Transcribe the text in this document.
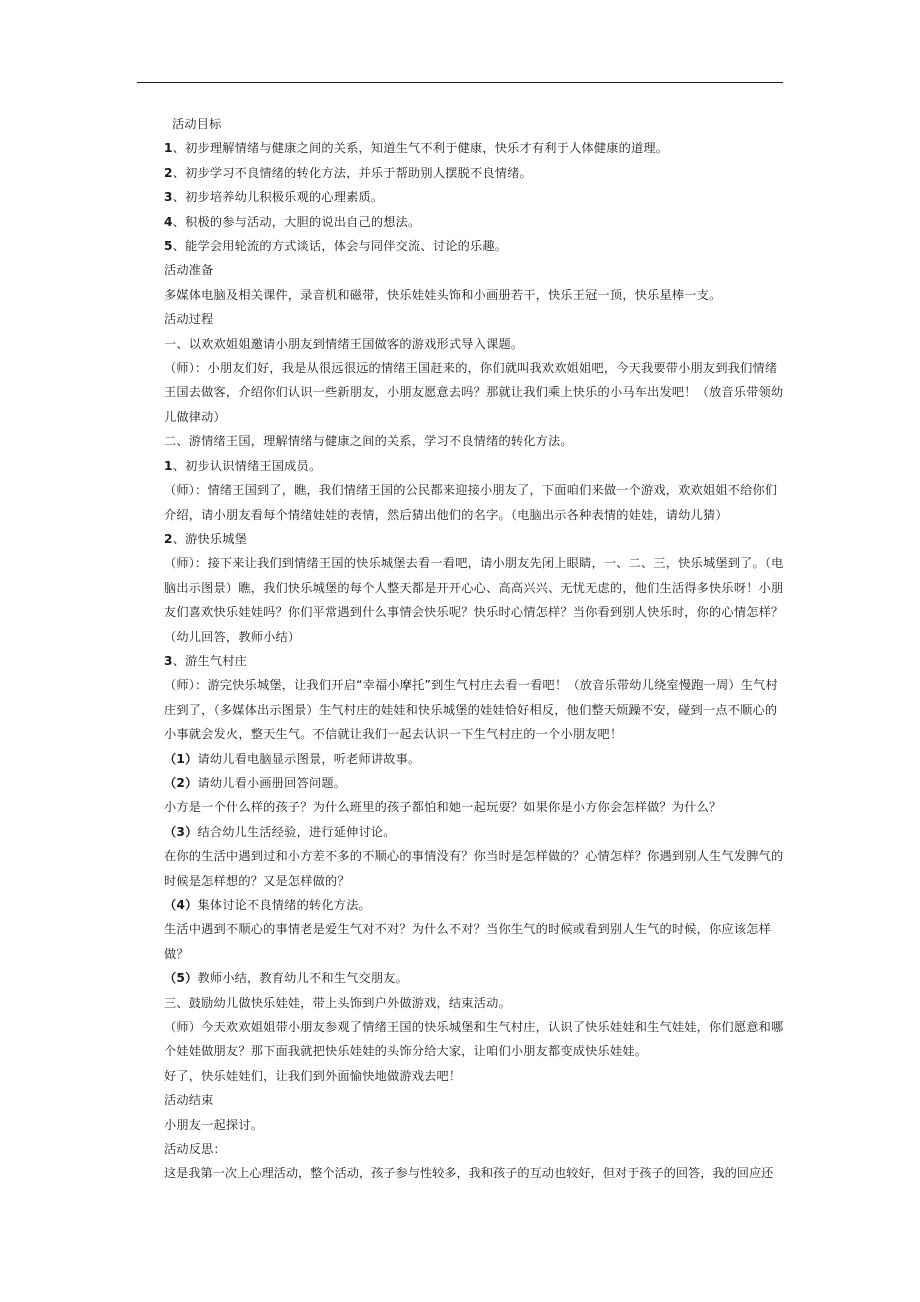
活动目标

1、初步理解情绪与健康之间的关系，知道生气不利于健康，快乐才有利于人体健康的道理。

2、初步学习不良情绪的转化方法，并乐于帮助别人摆脱不良情绪。

3、初步培养幼儿积极乐观的心理素质。

4、积极的参与活动，大胆的说出自己的想法。

5、能学会用轮流的方式谈话，体会与同伴交流、讨论的乐趣。

活动准备

多媒体电脑及相关课件，录音机和磁带，快乐娃娃头饰和小画册若干，快乐王冠一顶，快乐星棒一支。

活动过程

一、以欢欢姐姐邀请小朋友到情绪王国做客的游戏形式导入课题。

（师）：小朋友们好，我是从很远很远的情绪王国赶来的，你们就叫我欢欢姐姐吧，今天我要带小朋友到我们情绪王国去做客，介绍你们认识一些新朋友，小朋友愿意去吗？那就让我们乘上快乐的小马车出发吧！（放音乐带领幼儿做律动）

二、游情绪王国，理解情绪与健康之间的关系，学习不良情绪的转化方法。

1、初步认识情绪王国成员。

（师）：情绪王国到了，瞧，我们情绪王国的公民都来迎接小朋友了，下面咱们来做一个游戏，欢欢姐姐不给你们介绍，请小朋友看每个情绪娃娃的表情，然后猜出他们的名字。（电脑出示各种表情的娃娃，请幼儿猜）

2、游快乐城堡

（师）：接下来让我们到情绪王国的快乐城堡去看一看吧，请小朋友先闭上眼睛，一、二、三，快乐城堡到了。（电脑出示图景）瞧，我们快乐城堡的每个人整天都是开开心心、高高兴兴、无忧无虑的，他们生活得多快乐呀！小朋友们喜欢快乐娃娃吗？你们平常遇到什么事情会快乐呢？快乐时心情怎样？当你看到别人快乐时，你的心情怎样？（幼儿回答，教师小结）

3、游生气村庄

（师）：游完快乐城堡，让我们开启“幸福小摩托”到生气村庄去看一看吧！（放音乐带幼儿绕室慢跑一周）生气村庄到了，（多媒体出示图景）生气村庄的娃娃和快乐城堡的娃娃恰好相反，他们整天烦躁不安，碰到一点不顺心的小事就会发火，整天生气。不信就让我们一起去认识一下生气村庄的一个小朋友吧！

（1）请幼儿看电脑显示图景，听老师讲故事。

（2）请幼儿看小画册回答问题。

小方是一个什么样的孩子？为什么班里的孩子都怕和她一起玩耍？如果你是小方你会怎样做？为什么？

（3）结合幼儿生活经验，进行延伸讨论。

在你的生活中遇到过和小方差不多的不顺心的事情没有？你当时是怎样做的？心情怎样？你遇到别人生气发脾气的时候是怎样想的？又是怎样做的？

（4）集体讨论不良情绪的转化方法。

生活中遇到不顺心的事情老是爱生气对不对？为什么不对？当你生气的时候或看到别人生气的时候，你应该怎样做？

（5）教师小结，教育幼儿不和生气交朋友。

三、鼓励幼儿做快乐娃娃，带上头饰到户外做游戏，结束活动。

（师）今天欢欢姐姐带小朋友参观了情绪王国的快乐城堡和生气村庄，认识了快乐娃娃和生气娃娃，你们愿意和哪个娃娃做朋友？那下面我就把快乐娃娃的头饰分给大家，让咱们小朋友都变成快乐娃娃。

好了，快乐娃娃们，让我们到外面愉快地做游戏去吧！

活动结束

小朋友一起探讨。

活动反思：

这是我第一次上心理活动，整个活动，孩子参与性较多，我和孩子的互动也较好，但对于孩子的回答，我的回应还
